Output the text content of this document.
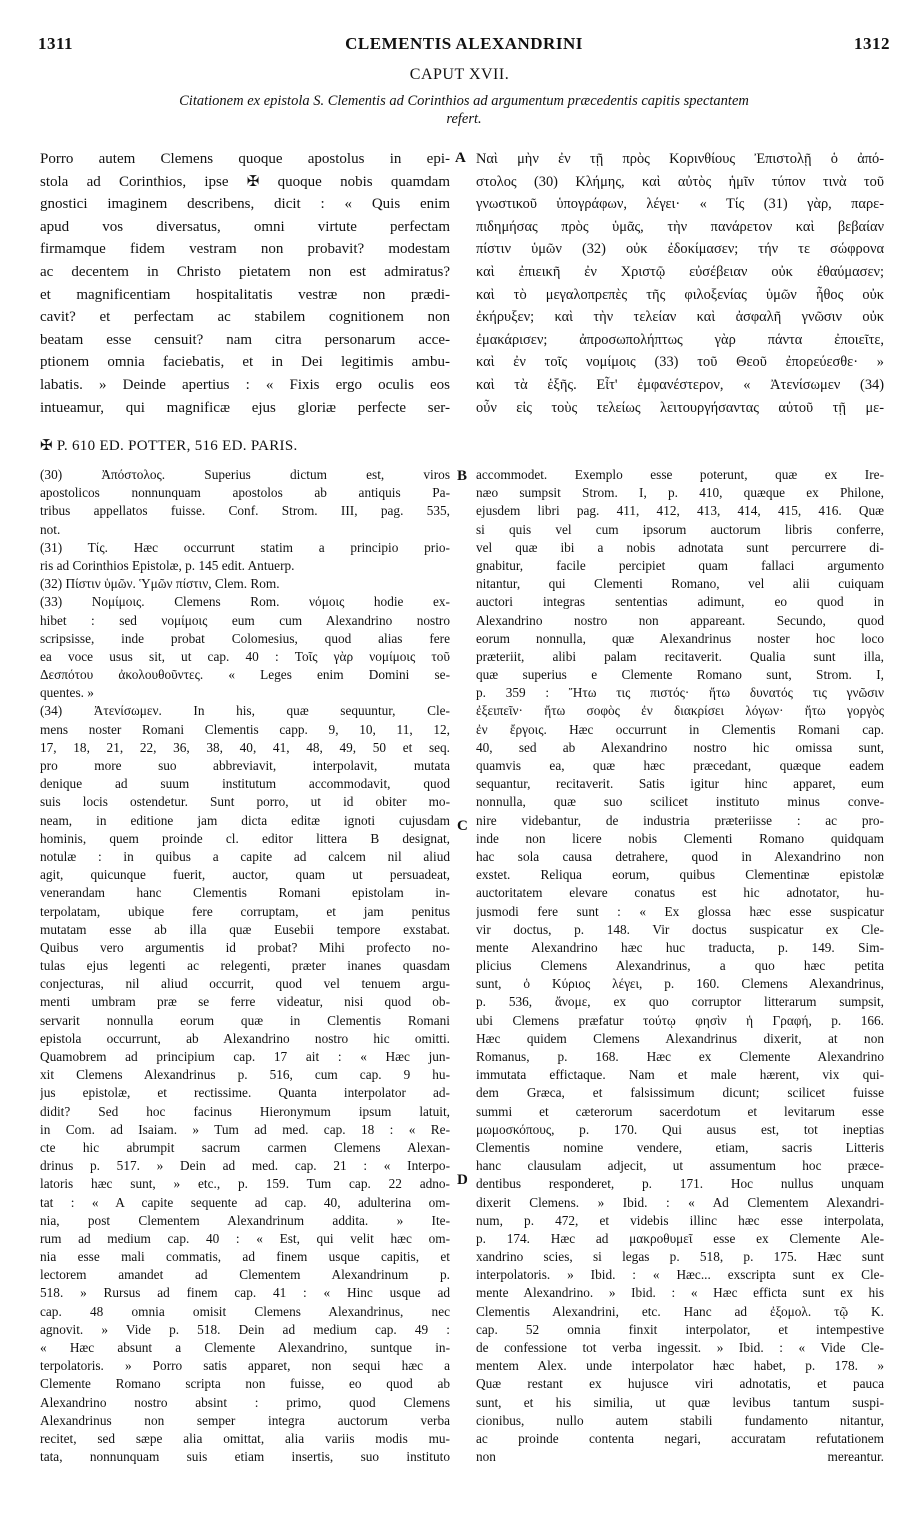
1311	CLEMENTIS ALEXANDRINI	1312
CAPUT XVII.
Citationem ex epistola S. Clementis ad Corinthios ad argumentum præcedentis capitis spectantem
refert.
Porro autem Clemens quoque apostolus in epi-
stola ad Corinthios, ipse ✠ quoque nobis quamdam
gnostici imaginem describens, dicit : « Quis enim
apud vos diversatus, omni virtute perfectam
firmamque fidem vestram non probavit? modestam
ac decentem in Christo pietatem non est admiratus?
et magnificentiam hospitalitatis vestræ non prædi-
cavit? et perfectam ac stabilem cognitionem non
beatam esse censuit? nam citra personarum acce-
ptionem omnia faciebatis, et in Dei legitimis ambu-
labatis. » Deinde apertius : « Fixis ergo oculis eos
intueamur, qui magnificæ ejus gloriæ perfecte ser-
Ναὶ μὴν ἐν τῇ πρὸς Κορινθίους Ἐπιστολῇ ὁ ἀπό-
στολος (30) Κλήμης, καὶ αὐτὸς ἡμῖν τύπον τινὰ τοῦ
γνωστικοῦ ὑπογράφων, λέγει· « Τίς (31) γὰρ, παρε-
πιδημήσας πρὸς ὑμᾶς, τὴν πανάρετον καὶ βεβαίαν
πίστιν ὑμῶν (32) οὐκ ἐδοκίμασεν; τήν τε σώφρονα
καὶ ἐπιεικῆ ἐν Χριστῷ εὐσέβειαν οὐκ ἐθαύμασεν;
καὶ τὸ μεγαλοπρεπὲς τῆς φιλοξενίας ὑμῶν ἦθος οὐκ
ἐκήρυξεν; καὶ τὴν τελείαν καὶ ἀσφαλῆ γνῶσιν οὐκ
ἐμακάρισεν; ἀπροσωπολήπτως γὰρ πάντα ἐποιεῖτε,
καὶ ἐν τοῖς νομίμοις (33) τοῦ Θεοῦ ἐπορεύεσθε· »
καὶ τὰ ἑξῆς. Εἶτ' ἐμφανέστερον, « Ἀτενίσωμεν (34)
οὖν εἰς τοὺς τελείως λειτουργήσαντας αὐτοῦ τῇ με-
✠ P. 610 ED. POTTER, 516 ED. PARIS.
(30) Ἀπόστολος. Superius dictum est, viros
apostolicos nonnunquam apostolos ab antiquis Pa-
tribus appellatos fuisse. Conf. Strom. III, pag. 535,
not.
(31) Τίς. Hæc occurrunt statim a principio prio-
ris ad Corinthios Epistolæ, p. 145 edit. Antuerp.
(32) Πίστιν ὑμῶν. Ὑμῶν πίστιν, Clem. Rom.
(33) Νομίμοις. Clemens Rom. νόμοις hodie ex-
hibet : sed νομίμοις eum cum Alexandrino nostro
scripsisse, inde probat Colomesius, quod alias fere
ea voce usus sit, ut cap. 40 : Τοῖς γὰρ νομίμοις τοῦ
Δεσπότου ἀκολουθοῦντες. « Leges enim Domini se-
quentes. »
(34) Ἀτενίσωμεν. In his, quæ sequuntur, Cle-
mens noster Romani Clementis capp. 9, 10, 11, 12,
17, 18, 21, 22, 36, 38, 40, 41, 48, 49, 50 et seq.
pro more suo abbreviavit, interpolavit, mutata
denique ad suum institutum accommodavit, quod
suis locis ostendetur. Sunt porro, ut id obiter mo-
neam, in editione jam dicta editæ ignoti cujusdam
hominis, quem proinde cl. editor littera B designat,
notulæ : in quibus a capite ad calcem nil aliud
agit, quicunque fuerit, auctor, quam ut persuadeat,
venerandam hanc Clementis Romani epistolam in-
terpolatam, ubique fere corruptam, et jam penitus
mutatam esse ab illa quæ Eusebii tempore exstabat.
Quibus vero argumentis id probat? Mihi profecto no-
tulas ejus legenti ac relegenti, præter inanes quasdam
conjecturas, nil aliud occurrit, quod vel tenuem argu-
menti umbram præ se ferre videatur, nisi quod ob-
servarit nonnulla eorum quæ in Clementis Romani
epistola occurrunt, ab Alexandrino nostro hic omitti.
Quamobrem ad principium cap. 17 ait : « Hæc jun-
xit Clemens Alexandrinus p. 516, cum cap. 9 hu-
jus epistolæ, et rectissime. Quanta interpolator ad-
didit? Sed hoc facinus Hieronymum ipsum latuit,
in Com. ad Isaiam. » Tum ad med. cap. 18 : « Re-
cte hic abrumpit sacrum carmen Clemens Alexan-
drinus p. 517. » Dein ad med. cap. 21 : « Interpo-
latoris hæc sunt, » etc., p. 159. Tum cap. 22 adno-
tat : « A capite sequente ad cap. 40, adulterina om-
nia, post Clementem Alexandrinum addita. » Ite-
rum ad medium cap. 40 : « Est, qui velit hæc om-
nia esse mali commatis, ad finem usque capitis, et
lectorem amandet ad Clementem Alexandrinum p.
518. » Rursus ad finem cap. 41 : « Hinc usque ad
cap. 48 omnia omisit Clemens Alexandrinus, nec
agnovit. » Vide p. 518. Dein ad medium cap. 49 :
« Hæc absunt a Clemente Alexandrino, suntque in-
terpolatoris. » Porro satis apparet, non sequi hæc a
Clemente Romano scripta non fuisse, eo quod ab
Alexandrino nostro absint : primo, quod Clemens
Alexandrinus non semper integra auctorum verba
recitet, sed sæpe alia omittat, alia variis modis mu-
tata, nonnunquam suis etiam insertis, suo instituto
accommodet. Exemplo esse poterunt, quæ ex Ire-
næo sumpsit Strom. I, p. 410, quæque ex Philone,
ejusdem libri pag. 411, 412, 413, 414, 415, 416. Quæ
si quis vel cum ipsorum auctorum libris conferre,
vel quæ ibi a nobis adnotata sunt percurrere di-
gnabitur, facile percipiet quam fallaci argumento
nitantur, qui Clementi Romano, vel alii cuiquam
auctori integras sententias adimunt, eo quod in
Alexandrino nostro non appareant. Secundo, quod
eorum nonnulla, quæ Alexandrinus noster hoc loco
præteriit, alibi palam recitaverit. Qualia sunt illa,
quæ superius e Clemente Romano sunt, Strom. I,
p. 359 : Ἤτω τις πιστός· ἤτω δυνατός τις γνῶσιν
ἐξειπεῖν· ἤτω σοφὸς ἐν διακρίσει λόγων· ἤτω γοργὸς
ἐν ἔργοις. Hæc occurrunt in Clementis Romani cap.
40, sed ab Alexandrino nostro hic omissa sunt,
quamvis ea, quæ hæc præcedant, quæque eadem
sequantur, recitaverit. Satis igitur hinc apparet, eum
nonnulla, quæ suo scilicet instituto minus conve-
nire videbantur, de industria præteriisse : ac pro-
inde non licere nobis Clementi Romano quidquam
hac sola causa detrahere, quod in Alexandrino non
exstet. Reliqua eorum, quibus Clementinæ epistolæ
auctoritatem elevare conatus est hic adnotator, hu-
jusmodi fere sunt : « Ex glossa hæc esse suspicatur
vir doctus, p. 148. Vir doctus suspicatur ex Cle-
mente Alexandrino hæc huc traducta, p. 149. Sim-
plicius Clemens Alexandrinus, a quo hæc petita
sunt, ὁ Κύριος λέγει, p. 160. Clemens Alexandrinus,
p. 536, ἄνομε, ex quo corruptor litterarum sumpsit,
ubi Clemens præfatur τούτῳ φησὶν ἡ Γραφή, p. 166.
Hæc quidem Clemens Alexandrinus dixerit, at non
Romanus, p. 168. Hæc ex Clemente Alexandrino
immutata effictaque. Nam et male hærent, vix qui-
dem Græca, et falsissimum dicunt; scilicet fuisse
summi et cæterorum sacerdotum et levitarum esse
μωμοσκόπους, p. 170. Qui ausus est, tot ineptias
Clementis nomine vendere, etiam, sacris Litteris
hanc clausulam adjecit, ut assumentum hoc præce-
dentibus responderet, p. 171. Hoc nullus unquam
dixerit Clemens. » Ibid. : « Ad Clementem Alexandri-
num, p. 472, et videbis illinc hæc esse interpolata,
p. 174. Hæc ad μακροθυμεῖ esse ex Clemente Ale-
xandrino scies, si legas p. 518, p. 175. Hæc sunt
interpolatoris. » Ibid. : « Hæc... exscripta sunt ex Cle-
mente Alexandrino. » Ibid. : « Hæc efficta sunt ex his
Clementis Alexandrini, etc. Hanc ad ἐξομολ. τῷ Κ.
cap. 52 omnia finxit interpolator, et intempestive
de confessione tot verba ingessit. » Ibid. : « Vide Cle-
mentem Alex. unde interpolator hæc habet, p. 178. »
Quæ restant ex hujusce viri adnotatis, et pauca
sunt, et his similia, ut quæ levibus tantum suspi-
cionibus, nullo autem stabili fundamento nitantur,
ac proinde contenta negari, accuratam refutationem
non mereantur.
A
B
C
D
